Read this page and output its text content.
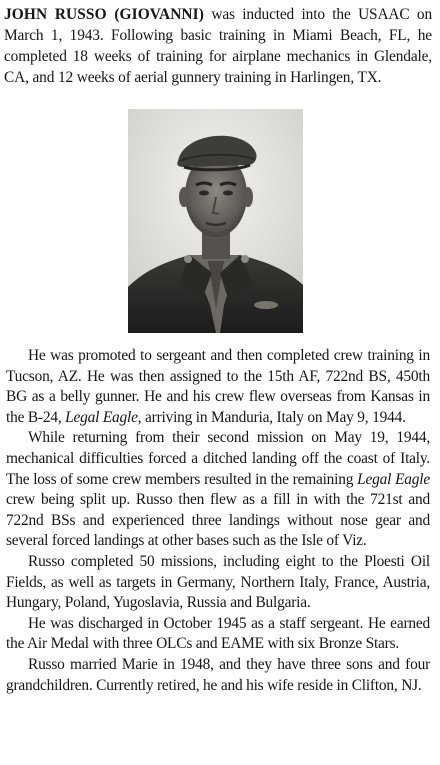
JOHN RUSSO (GIOVANNI) was inducted into the USAAC on March 1, 1943. Following basic training in Miami Beach, FL, he completed 18 weeks of training for airplane mechanics in Glendale, CA, and 12 weeks of aerial gunnery training in Harlingen, TX.

He was promoted to sergeant and then completed crew training in Tucson, AZ. He was then assigned to the 15th AF, 722nd BS, 450th BG as a belly gunner. He and his crew flew overseas from Kansas in the B-24, Legal Eagle, arriving in Manduria, Italy on May 9, 1944.

While returning from their second mission on May 19, 1944, mechanical difficulties forced a ditched landing off the coast of Italy. The loss of some crew members resulted in the remaining Legal Eagle crew being split up. Russo then flew as a fill in with the 721st and 722nd BSs and experienced three landings without nose gear and several forced landings at other bases such as the Isle of Viz.

Russo completed 50 missions, including eight to the Ploesti Oil Fields, as well as targets in Germany, Northern Italy, France, Austria, Hungary, Poland, Yugoslavia, Russia and Bulgaria.

He was discharged in October 1945 as a staff sergeant. He earned the Air Medal with three OLCs and EAME with six Bronze Stars.

Russo married Marie in 1948, and they have three sons and four grandchildren. Currently retired, he and his wife reside in Clifton, NJ.
